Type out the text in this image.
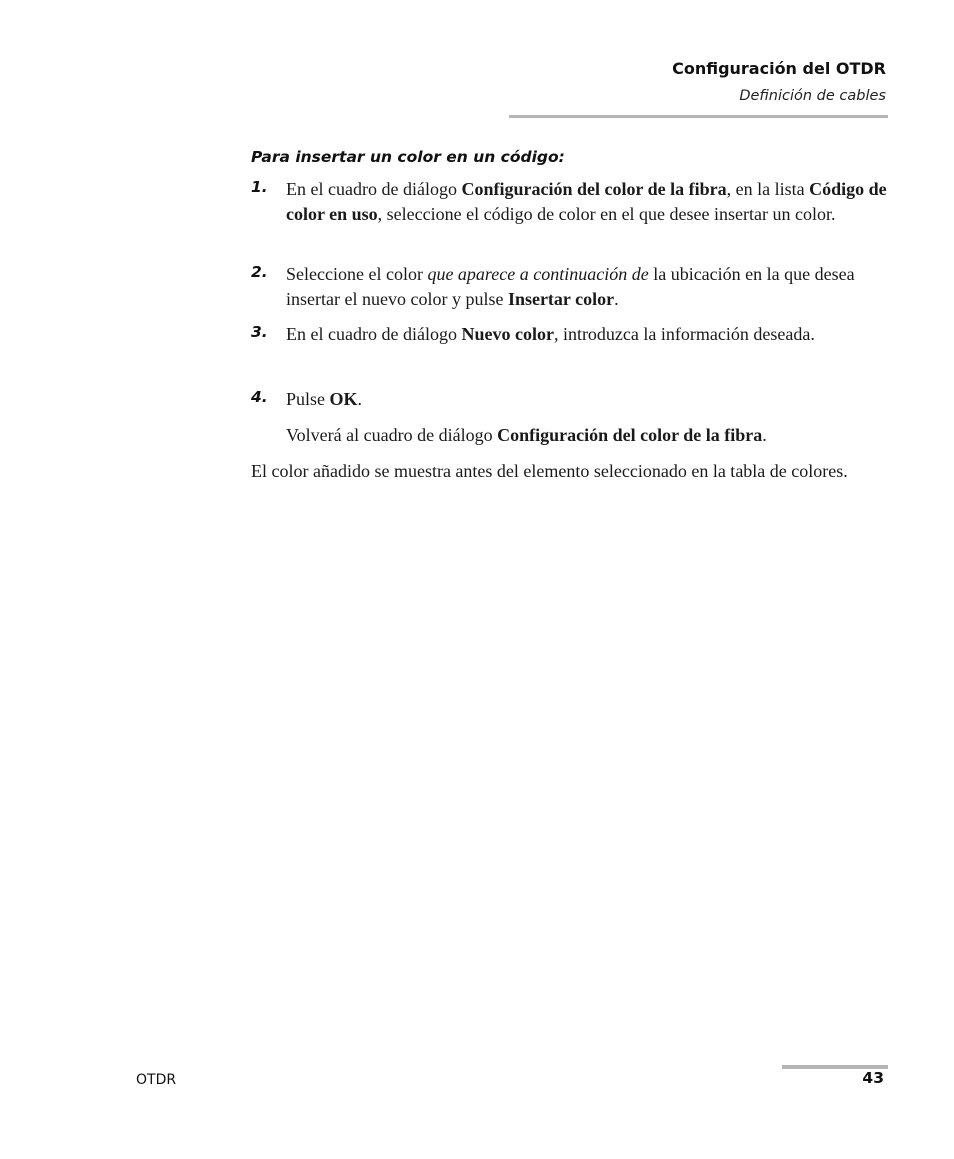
Configuración del OTDR
Definición de cables
Para insertar un color en un código:
1. En el cuadro de diálogo Configuración del color de la fibra, en la lista Código de color en uso, seleccione el código de color en el que desee insertar un color.
2. Seleccione el color que aparece a continuación de la ubicación en la que desea insertar el nuevo color y pulse Insertar color.
3. En el cuadro de diálogo Nuevo color, introduzca la información deseada.
4. Pulse OK.
Volverá al cuadro de diálogo Configuración del color de la fibra.
El color añadido se muestra antes del elemento seleccionado en la tabla de colores.
OTDR	43
